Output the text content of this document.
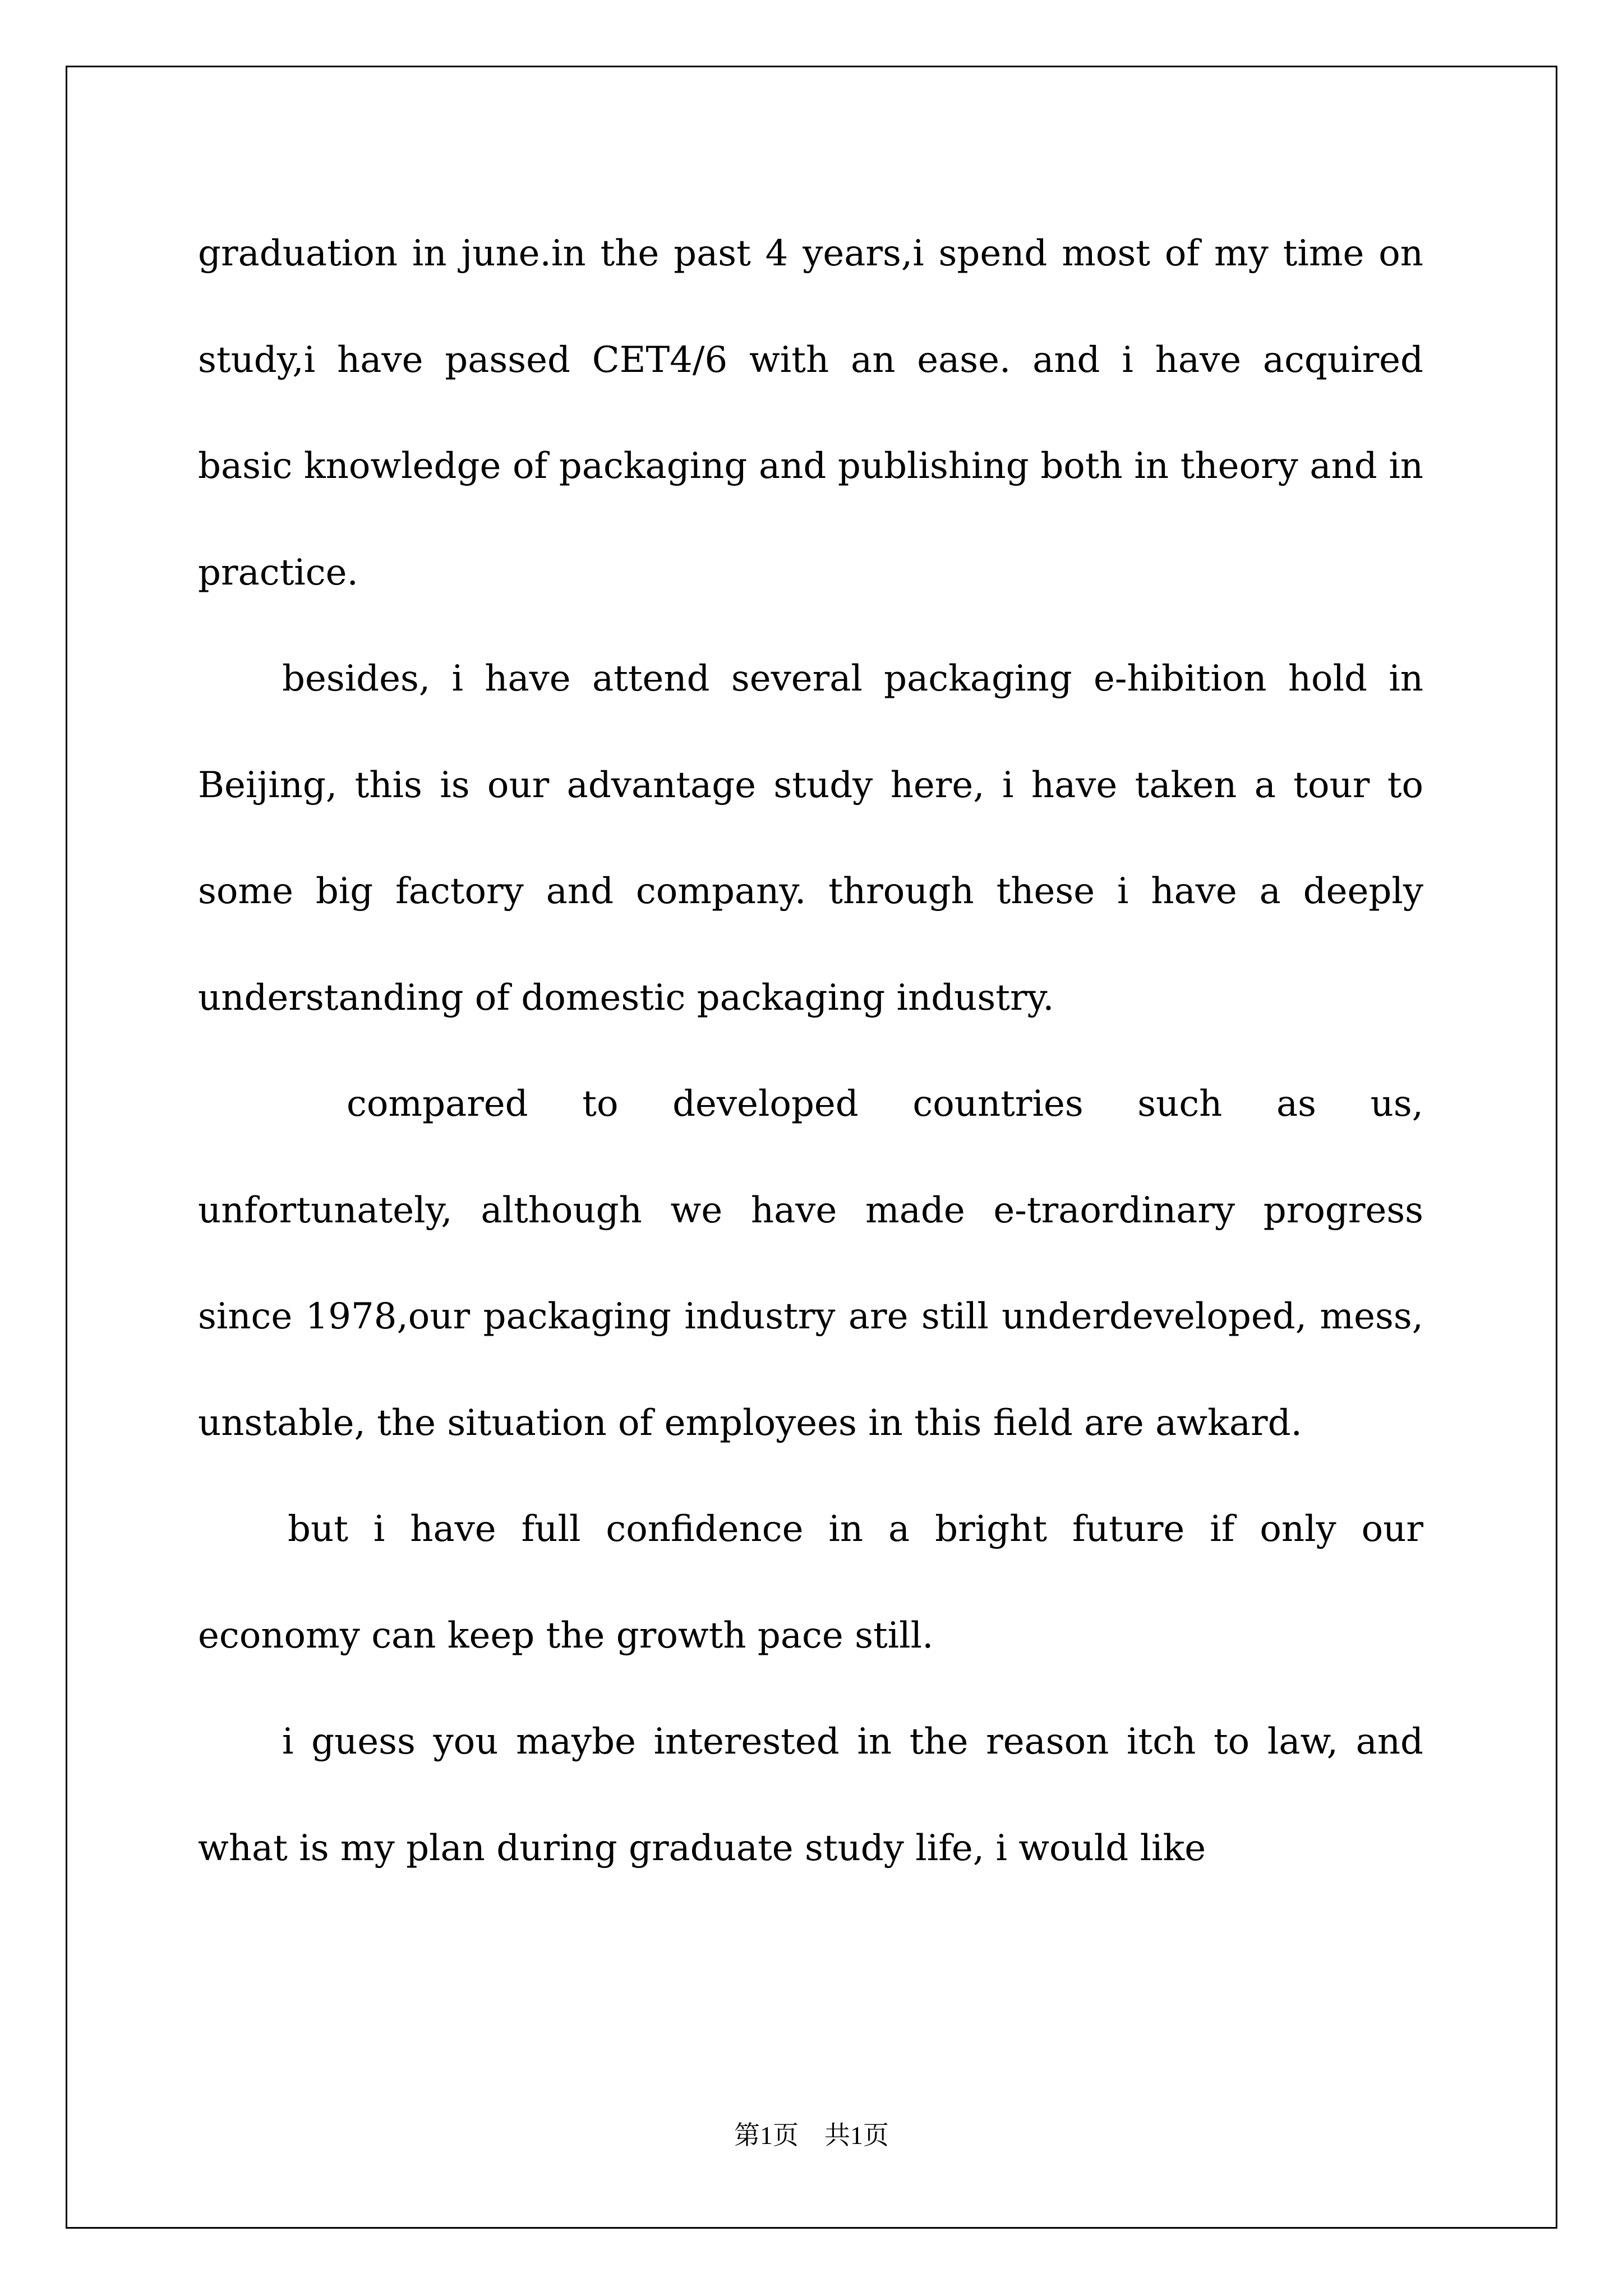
graduation in june.in the past 4 years,i spend most of my time on study,i have passed CET4/6 with an ease. and i have acquired basic knowledge of packaging and publishing both in theory and in practice.

besides, i have attend several packaging e-hibition hold in Beijing, this is our advantage study here, i have taken a tour to some big factory and company. through these i have a deeply understanding of domestic packaging industry.

compared to developed countries such as us, unfortunately, although we have made e-traordinary progress since 1978,our packaging industry are still underdeveloped, mess, unstable, the situation of employees in this field are awkard.

but i have full confidence in a bright future if only our economy can keep the growth pace still.

i guess you maybe interested in the reason itch to law, and what is my plan during graduate study life, i would like

第1页　共1页
